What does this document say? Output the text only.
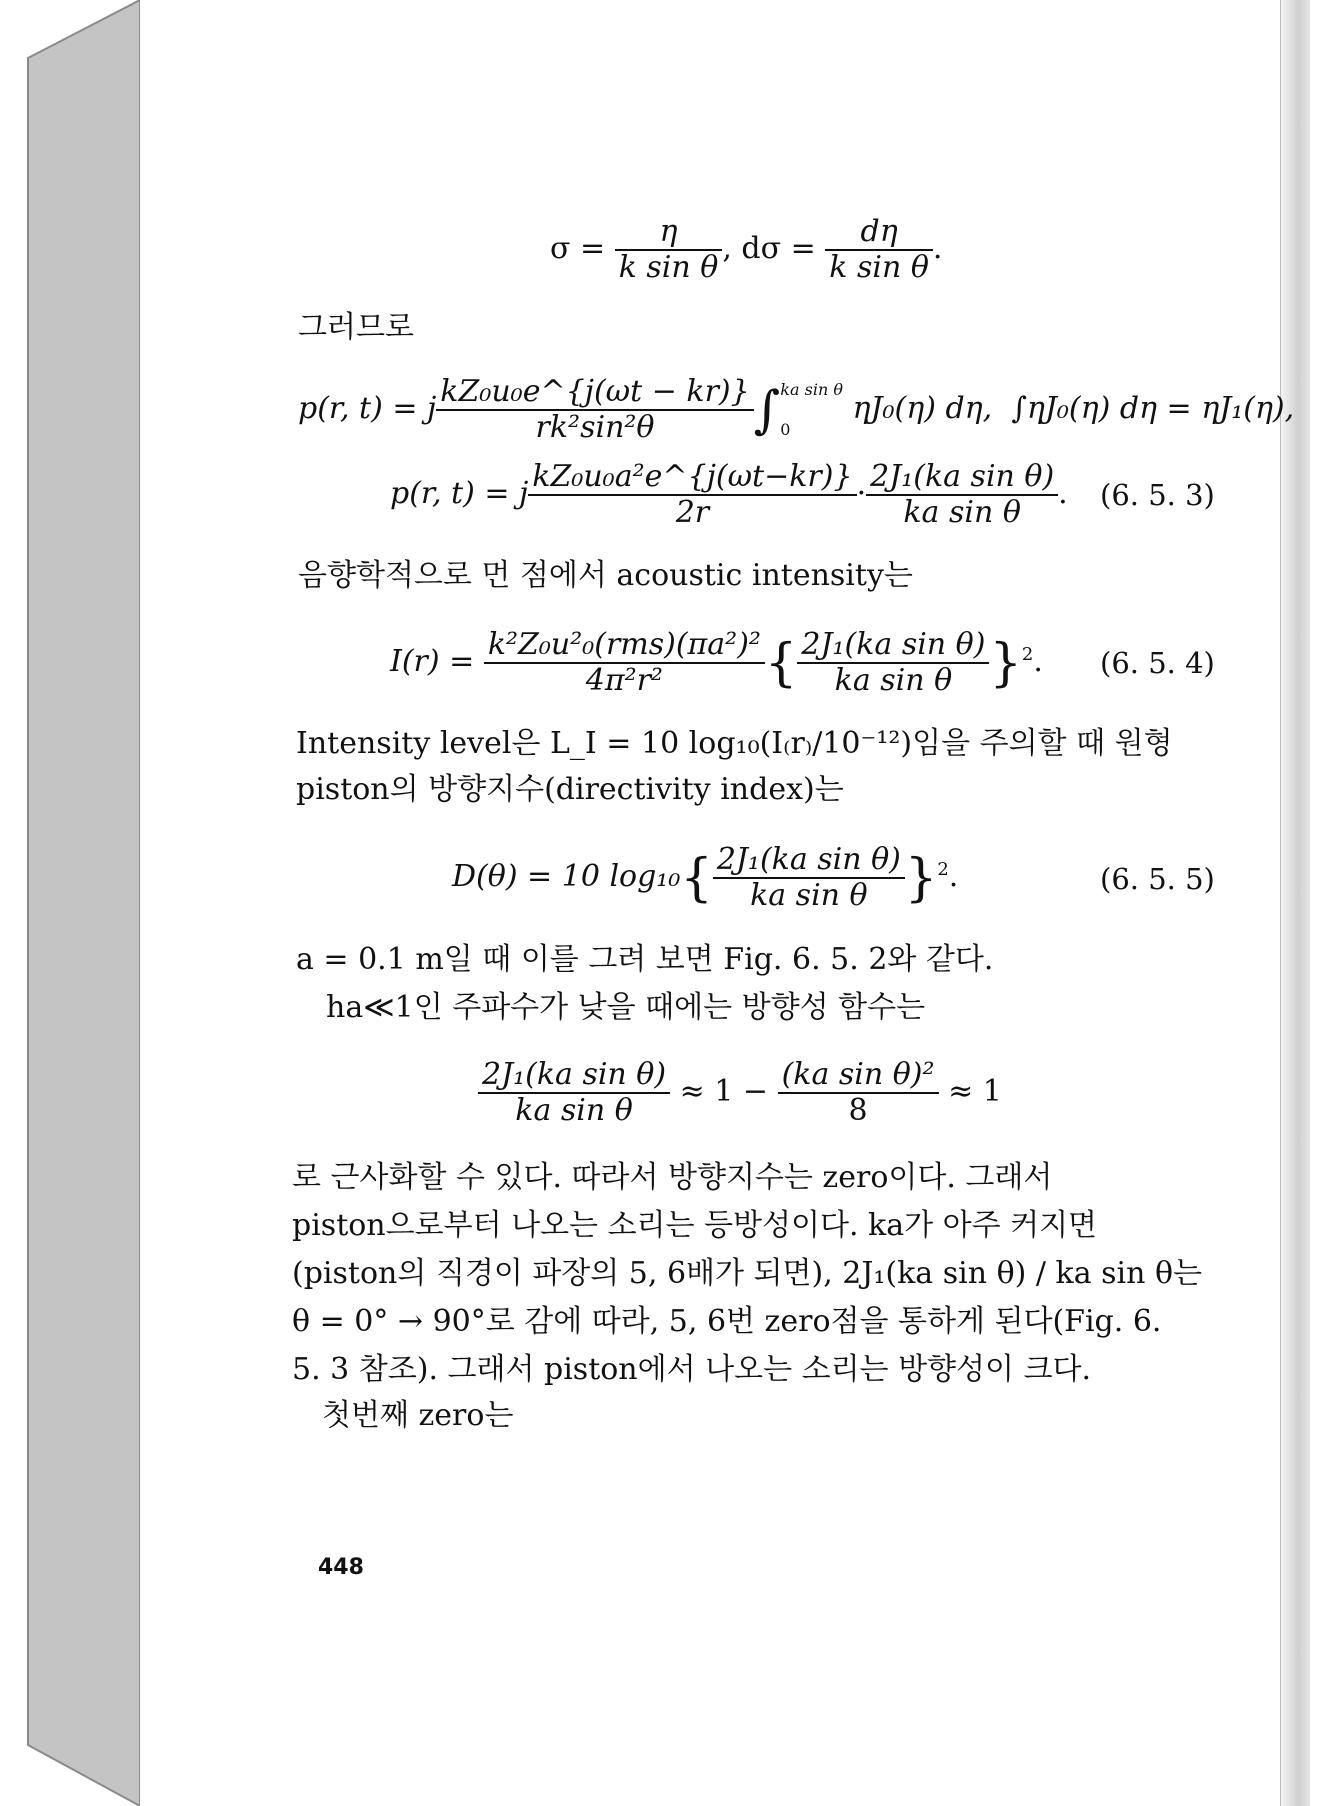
$\sigma = \frac{\eta}{\text{k sin θ}}$ , $d\sigma = \frac{d\eta}{\text{k sin θ}}$ .
그러므로
p(r, t) = j $\frac{\text{kZ₀u₀e\textasciicircum{}\{j(ωt − kr)\}}}{\text{rk²sin²θ}}$ ∫ ka sin θ
0
ηJ₀(η) dη, ∫ηJ₀(η) dη = ηJ₁(η),
p(r, t) = j $\frac{\text{kZ₀u₀a²e\textasciicircum{}\{j(ωt−kr)\}}}{2r} \cdot \frac{\text{2J₁(ka sin θ)}}{\text{ka sin θ}}$ . (6. 5. 3)
음향학적으로 먼 점에서 acoustic intensity는
$I(r) = \frac{\text{k²Z₀u²₀(rms)(πa²)²}}{\text{4π²r²}}$ { $\frac{\text{2J₁(ka sin θ)}}{\text{ka sin θ}} \}^2$. (6. 5. 4)
Intensity level은 L_I = 10 log₁₀(I₍r₎/10⁻¹²)임을 주의할 때 원형
piston의 방향지수(directivity index)는
D(θ) = 10 $\log_{10}\{ \frac{\text{2J₁(ka sin θ)}}{\text{ka sin θ}} \}^2$.	(6. 5. 5)
a = 0.1 m일 때 이를 그려 보면 Fig. 6. 5. 2와 같다.
ha≪1인 주파수가 낮을 때에는 방향성 함수는
$\frac{\text{2J₁(ka sin θ)}}{\text{ka sin θ}} \approx 1 - \frac{\text{(ka sin θ)²}}{8} \approx 1$
로 근사화할 수 있다. 따라서 방향지수는 zero이다. 그래서
piston으로부터 나오는 소리는 등방성이다. ka가 아주 커지면
(piston의 직경이 파장의 5, 6배가 되면), 2J₁(ka sin θ) / ka sin θ는
θ = 0° → 90°로 감에 따라, 5, 6번 zero점을 통하게 된다(Fig. 6.
5. 3 참조). 그래서 piston에서 나오는 소리는 방향성이 크다.
첫번째 zero는
448
